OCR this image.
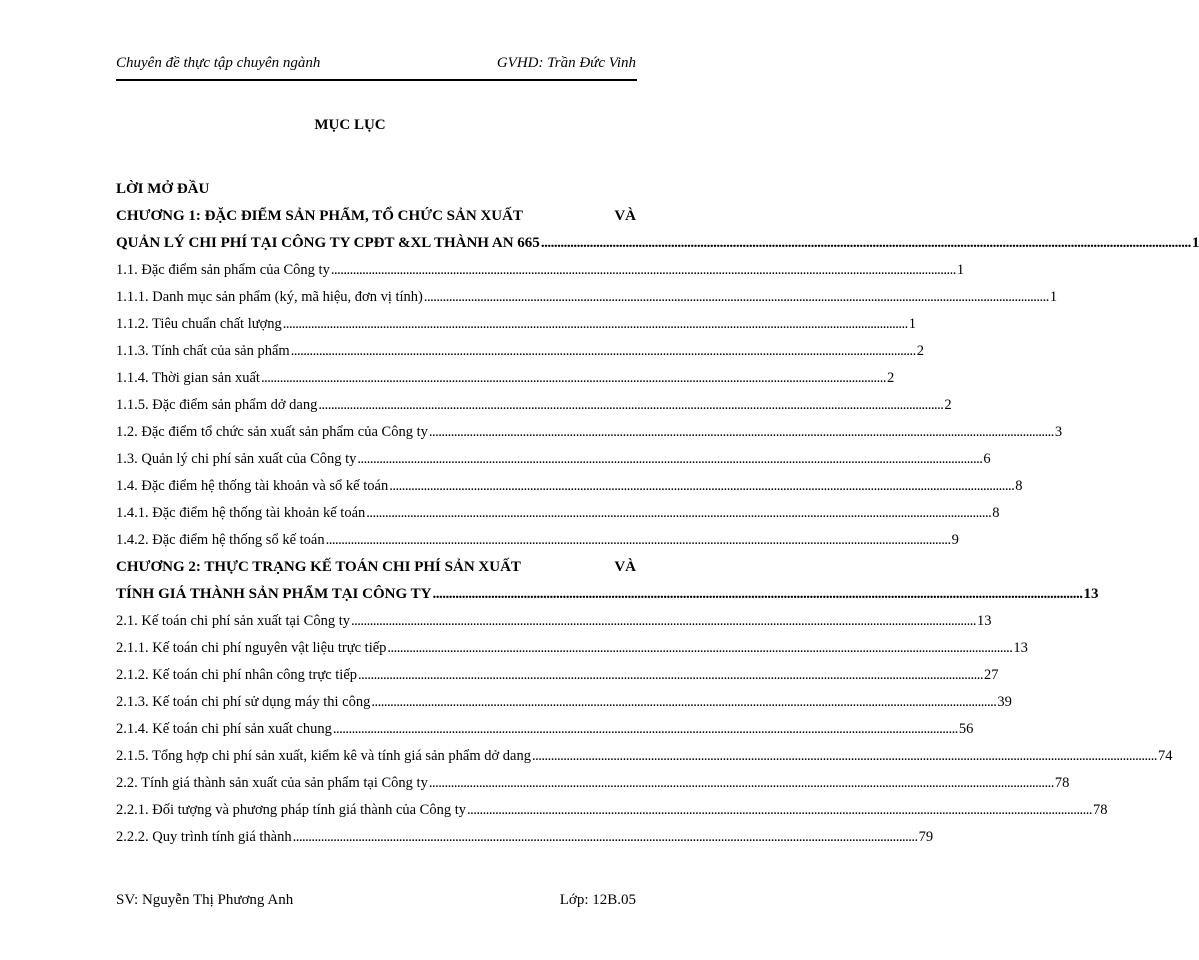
Chuyên đề thực tập chuyên ngành	GVHD: Trần Đức Vinh
MỤC LỤC
LỜI MỞ ĐẦU
CHƯƠNG 1: ĐẶC ĐIỂM SẢN PHẨM, TỔ CHỨC SẢN XUẤT	VÀ
QUẢN LÝ CHI PHÍ TẠI CÔNG TY CPĐT &XL THÀNH AN 665 ........................................................................................................................................................................................................ 1
1.1. Đặc điểm sản phẩm của Công ty ........................................................................................................................................................................................................ 1
1.1.1. Danh mục sản phẩm (ký, mã hiệu, đơn vị tính) ........................................................................................................................................................................................................ 1
1.1.2. Tiêu chuẩn chất lượng ........................................................................................................................................................................................................ 1
1.1.3. Tính chất của sản phẩm ........................................................................................................................................................................................................ 2
1.1.4. Thời gian sản xuất ........................................................................................................................................................................................................ 2
1.1.5. Đặc điểm sản phẩm dở dang ........................................................................................................................................................................................................ 2
1.2. Đặc điểm tổ chức sản xuất sản phẩm của Công ty ........................................................................................................................................................................................................ 3
1.3. Quản lý chi phí sản xuất của Công ty ........................................................................................................................................................................................................ 6
1.4. Đặc điểm hệ thống tài khoản và sổ kế toán ........................................................................................................................................................................................................ 8
1.4.1. Đặc điểm hệ thống tài khoản kế toán ........................................................................................................................................................................................................ 8
1.4.2. Đặc điểm hệ thống sổ kế toán ........................................................................................................................................................................................................ 9
CHƯƠNG 2: THỰC TRẠNG KẾ TOÁN CHI PHÍ SẢN XUẤT	VÀ
TÍNH GIÁ THÀNH SẢN PHẨM TẠI CÔNG TY ........................................................................................................................................................................................................ 13
2.1. Kế toán chi phí sản xuất tại Công ty ........................................................................................................................................................................................................ 13
2.1.1. Kế toán chi phí nguyên vật liệu trực tiếp ........................................................................................................................................................................................................ 13
2.1.2. Kế toán chi phí nhân công trực tiếp ........................................................................................................................................................................................................ 27
2.1.3. Kế toán chi phí sử dụng máy thi công ........................................................................................................................................................................................................ 39
2.1.4. Kế toán chi phí sản xuất chung ........................................................................................................................................................................................................ 56
2.1.5. Tổng hợp chi phí sản xuất, kiểm kê và tính giá sản phẩm dở dang ........................................................................................................................................................................................................ 74
2.2. Tính giá thành sản xuất của sản phẩm tại Công ty ........................................................................................................................................................................................................ 78
2.2.1. Đối tượng và phương pháp tính giá thành của Công ty ........................................................................................................................................................................................................ 78
2.2.2. Quy trình tính giá thành ........................................................................................................................................................................................................ 79
SV: Nguyễn Thị Phương Anh	Lớp: 12B.05
